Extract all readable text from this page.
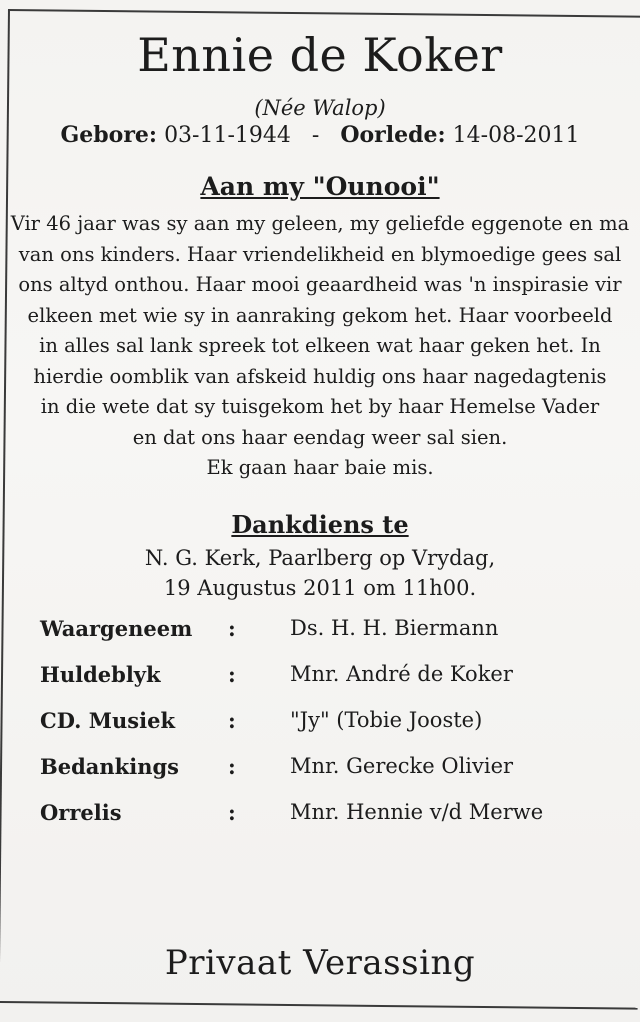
Ennie de Koker
(Née Walop)
Gebore: 03-11-1944 - Oorlede: 14-08-2011
Aan my "Ounooi"
Vir 46 jaar was sy aan my geleen, my geliefde eggenote en ma
van ons kinders. Haar vriendelikheid en blymoedige gees sal
ons altyd onthou. Haar mooi geaardheid was 'n inspirasie vir
elkeen met wie sy in aanraking gekom het. Haar voorbeeld
in alles sal lank spreek tot elkeen wat haar geken het. In
hierdie oomblik van afskeid huldig ons haar nagedagtenis
in die wete dat sy tuisgekom het by haar Hemelse Vader
en dat ons haar eendag weer sal sien.
Ek gaan haar baie mis.
Dankdiens te
N. G. Kerk, Paarlberg op Vrydag,
19 Augustus 2011 om 11h00.
Waargeneem :	Ds. H. H. Biermann
Huldeblyk	:	Mnr. André de Koker
CD. Musiek	:	"Jy" (Tobie Jooste)
Bedankings :	Mnr. Gerecke Olivier
Orrelis	:	Mnr. Hennie v/d Merwe
Privaat Verassing
